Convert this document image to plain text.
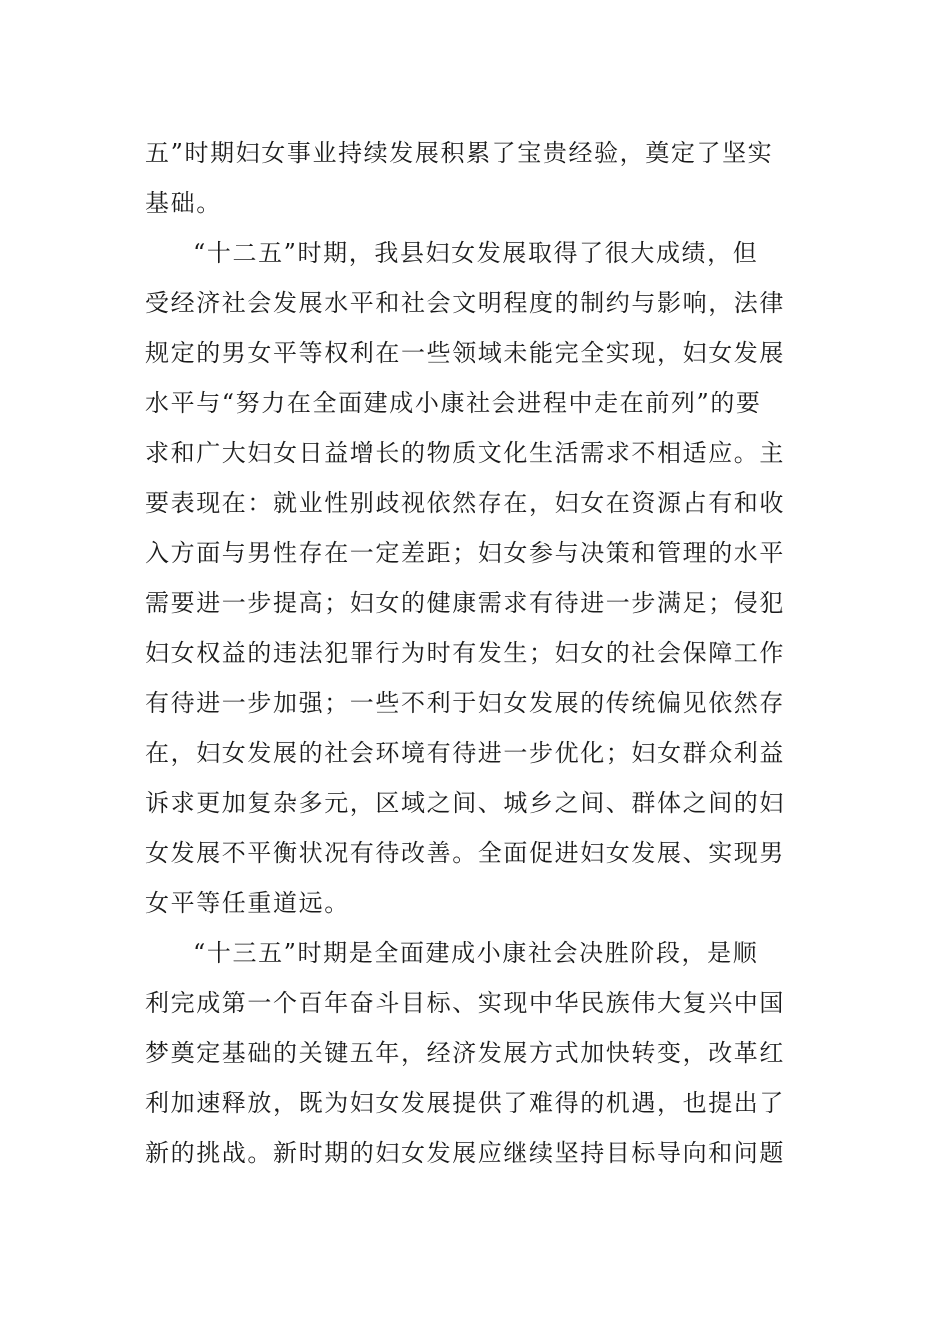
五”时期妇女事业持续发展积累了宝贵经验，奠定了坚实
基础。
“十二五”时期，我县妇女发展取得了很大成绩，但
受经济社会发展水平和社会文明程度的制约与影响，法律
规定的男女平等权利在一些领域未能完全实现，妇女发展
水平与“努力在全面建成小康社会进程中走在前列”的要
求和广大妇女日益增长的物质文化生活需求不相适应。主
要表现在：就业性别歧视依然存在，妇女在资源占有和收
入方面与男性存在一定差距；妇女参与决策和管理的水平
需要进一步提高；妇女的健康需求有待进一步满足；侵犯
妇女权益的违法犯罪行为时有发生；妇女的社会保障工作
有待进一步加强；一些不利于妇女发展的传统偏见依然存
在，妇女发展的社会环境有待进一步优化；妇女群众利益
诉求更加复杂多元，区域之间、城乡之间、群体之间的妇
女发展不平衡状况有待改善。全面促进妇女发展、实现男
女平等任重道远。
“十三五”时期是全面建成小康社会决胜阶段，是顺
利完成第一个百年奋斗目标、实现中华民族伟大复兴中国
梦奠定基础的关键五年，经济发展方式加快转变，改革红
利加速释放，既为妇女发展提供了难得的机遇，也提出了
新的挑战。新时期的妇女发展应继续坚持目标导向和问题
